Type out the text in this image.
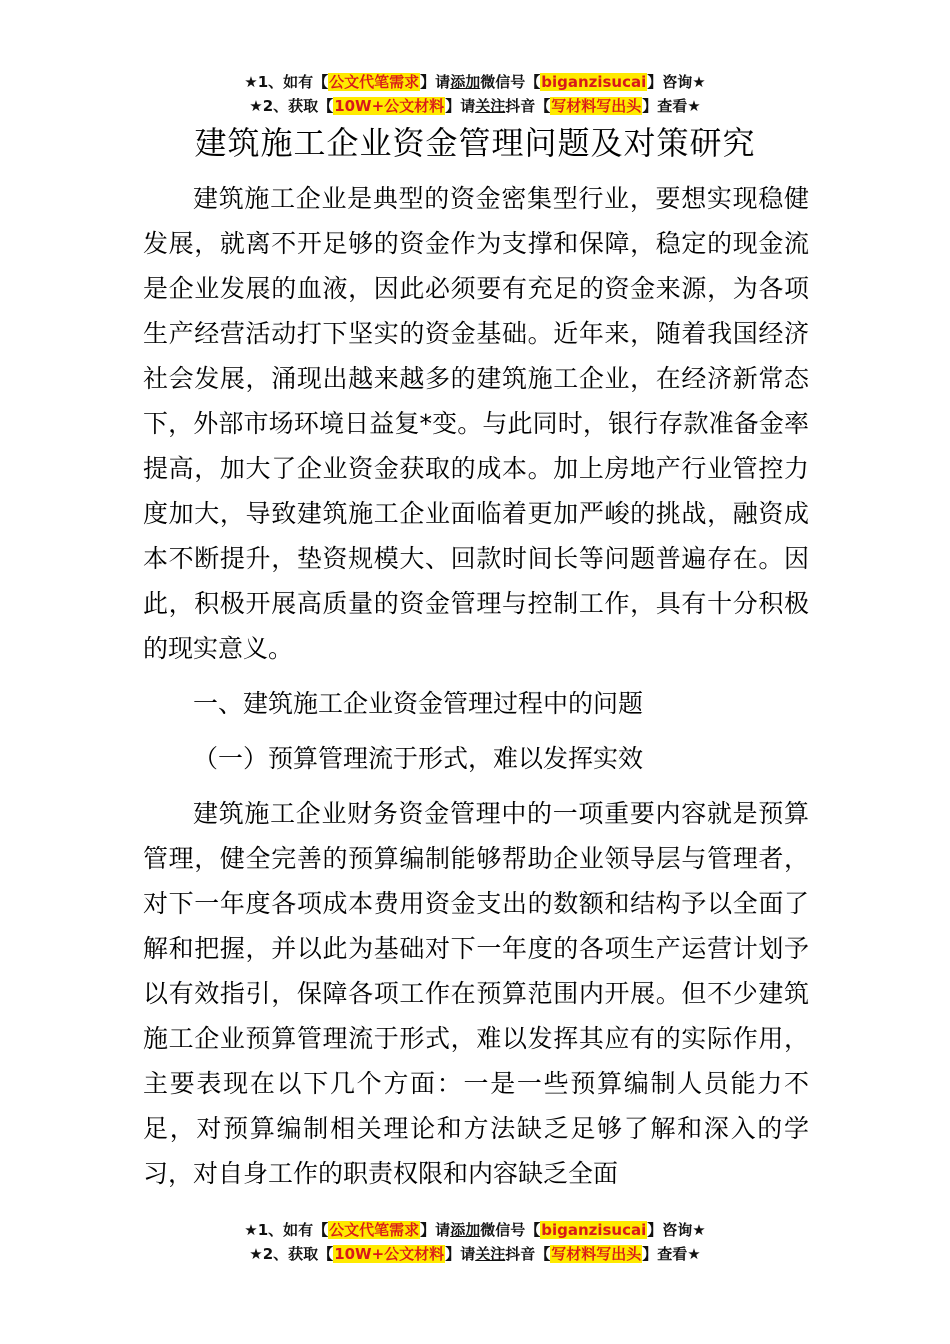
★1、如有【公文代笔需求】请添加微信号【biganzisucai】咨询★
★2、获取【10W+公文材料】请关注抖音【写材料写出头】查看★
建筑施工企业资金管理问题及对策研究

建筑施工企业是典型的资金密集型行业，要想实现稳健发展，就离不开足够的资金作为支撑和保障，稳定的现金流是企业发展的血液，因此必须要有充足的资金来源，为各项生产经营活动打下坚实的资金基础。近年来，随着我国经济社会发展，涌现出越来越多的建筑施工企业，在经济新常态下，外部市场环境日益复*变。与此同时，银行存款准备金率提高，加大了企业资金获取的成本。加上房地产行业管控力度加大，导致建筑施工企业面临着更加严峻的挑战，融资成本不断提升，垫资规模大、回款时间长等问题普遍存在。因此，积极开展高质量的资金管理与控制工作，具有十分积极的现实意义。

一、建筑施工企业资金管理过程中的问题

（一）预算管理流于形式，难以发挥实效

建筑施工企业财务资金管理中的一项重要内容就是预算管理，健全完善的预算编制能够帮助企业领导层与管理者，对下一年度各项成本费用资金支出的数额和结构予以全面了解和把握，并以此为基础对下一年度的各项生产运营计划予以有效指引，保障各项工作在预算范围内开展。但不少建筑施工企业预算管理流于形式，难以发挥其应有的实际作用，主要表现在以下几个方面：一是一些预算编制人员能力不足，对预算编制相关理论和方法缺乏足够了解和深入的学习，对自身工作的职责权限和内容缺乏全面

★1、如有【公文代笔需求】请添加微信号【biganzisucai】咨询★
★2、获取【10W+公文材料】请关注抖音【写材料写出头】查看★
